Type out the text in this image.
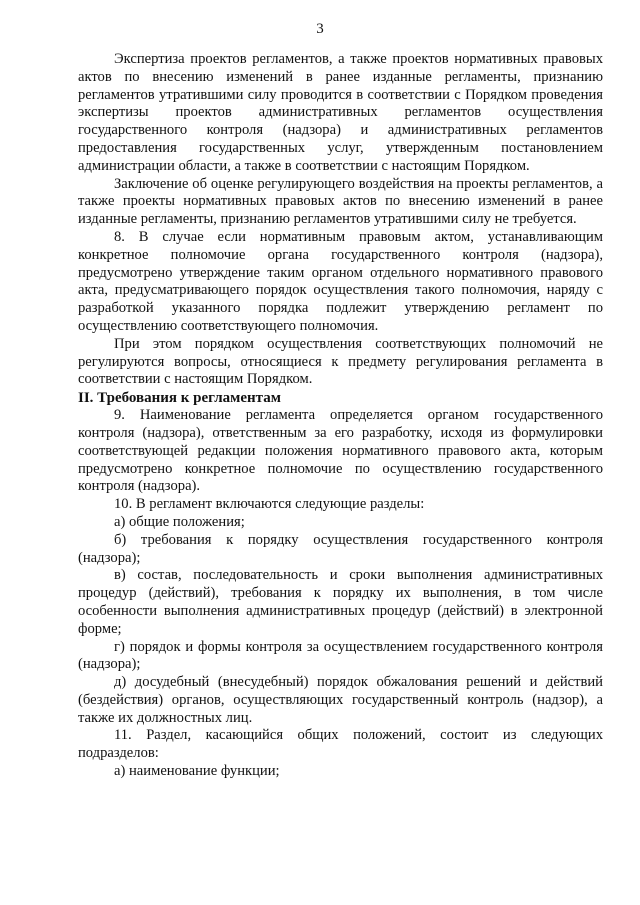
3

Экспертиза проектов регламентов, а также проектов нормативных правовых актов по внесению изменений в ранее изданные регламенты, признанию регламентов утратившими силу проводится в соответствии с Порядком проведения экспертизы проектов административных регламентов осуществления государственного контроля (надзора) и административных регламентов предоставления государственных услуг, утвержденным постановлением администрации области, а также в соответствии с настоящим Порядком.

Заключение об оценке регулирующего воздействия на проекты регламентов, а также проекты нормативных правовых актов по внесению изменений в ранее изданные регламенты, признанию регламентов утратившими силу не требуется.

8. В случае если нормативным правовым актом, устанавливающим конкретное полномочие органа государственного контроля (надзора), предусмотрено утверждение таким органом отдельного нормативного правового акта, предусматривающего порядок осуществления такого полномочия, наряду с разработкой указанного порядка подлежит утверждению регламент по осуществлению соответствующего полномочия.

При этом порядком осуществления соответствующих полномочий не регулируются вопросы, относящиеся к предмету регулирования регламента в соответствии с настоящим Порядком.

II. Требования к регламентам

9. Наименование регламента определяется органом государственного контроля (надзора), ответственным за его разработку, исходя из формулировки соответствующей редакции положения нормативного правового акта, которым предусмотрено конкретное полномочие по осуществлению государственного контроля (надзора).

10. В регламент включаются следующие разделы:

а) общие положения;

б) требования к порядку осуществления государственного контроля (надзора);

в) состав, последовательность и сроки выполнения административных процедур (действий), требования к порядку их выполнения, в том числе особенности выполнения административных процедур (действий) в электронной форме;

г) порядок и формы контроля за осуществлением государственного контроля (надзора);

д) досудебный (внесудебный) порядок обжалования решений и действий (бездействия) органов, осуществляющих государственный контроль (надзор), а также их должностных лиц.

11. Раздел, касающийся общих положений, состоит из следующих подразделов:

а) наименование функции;
